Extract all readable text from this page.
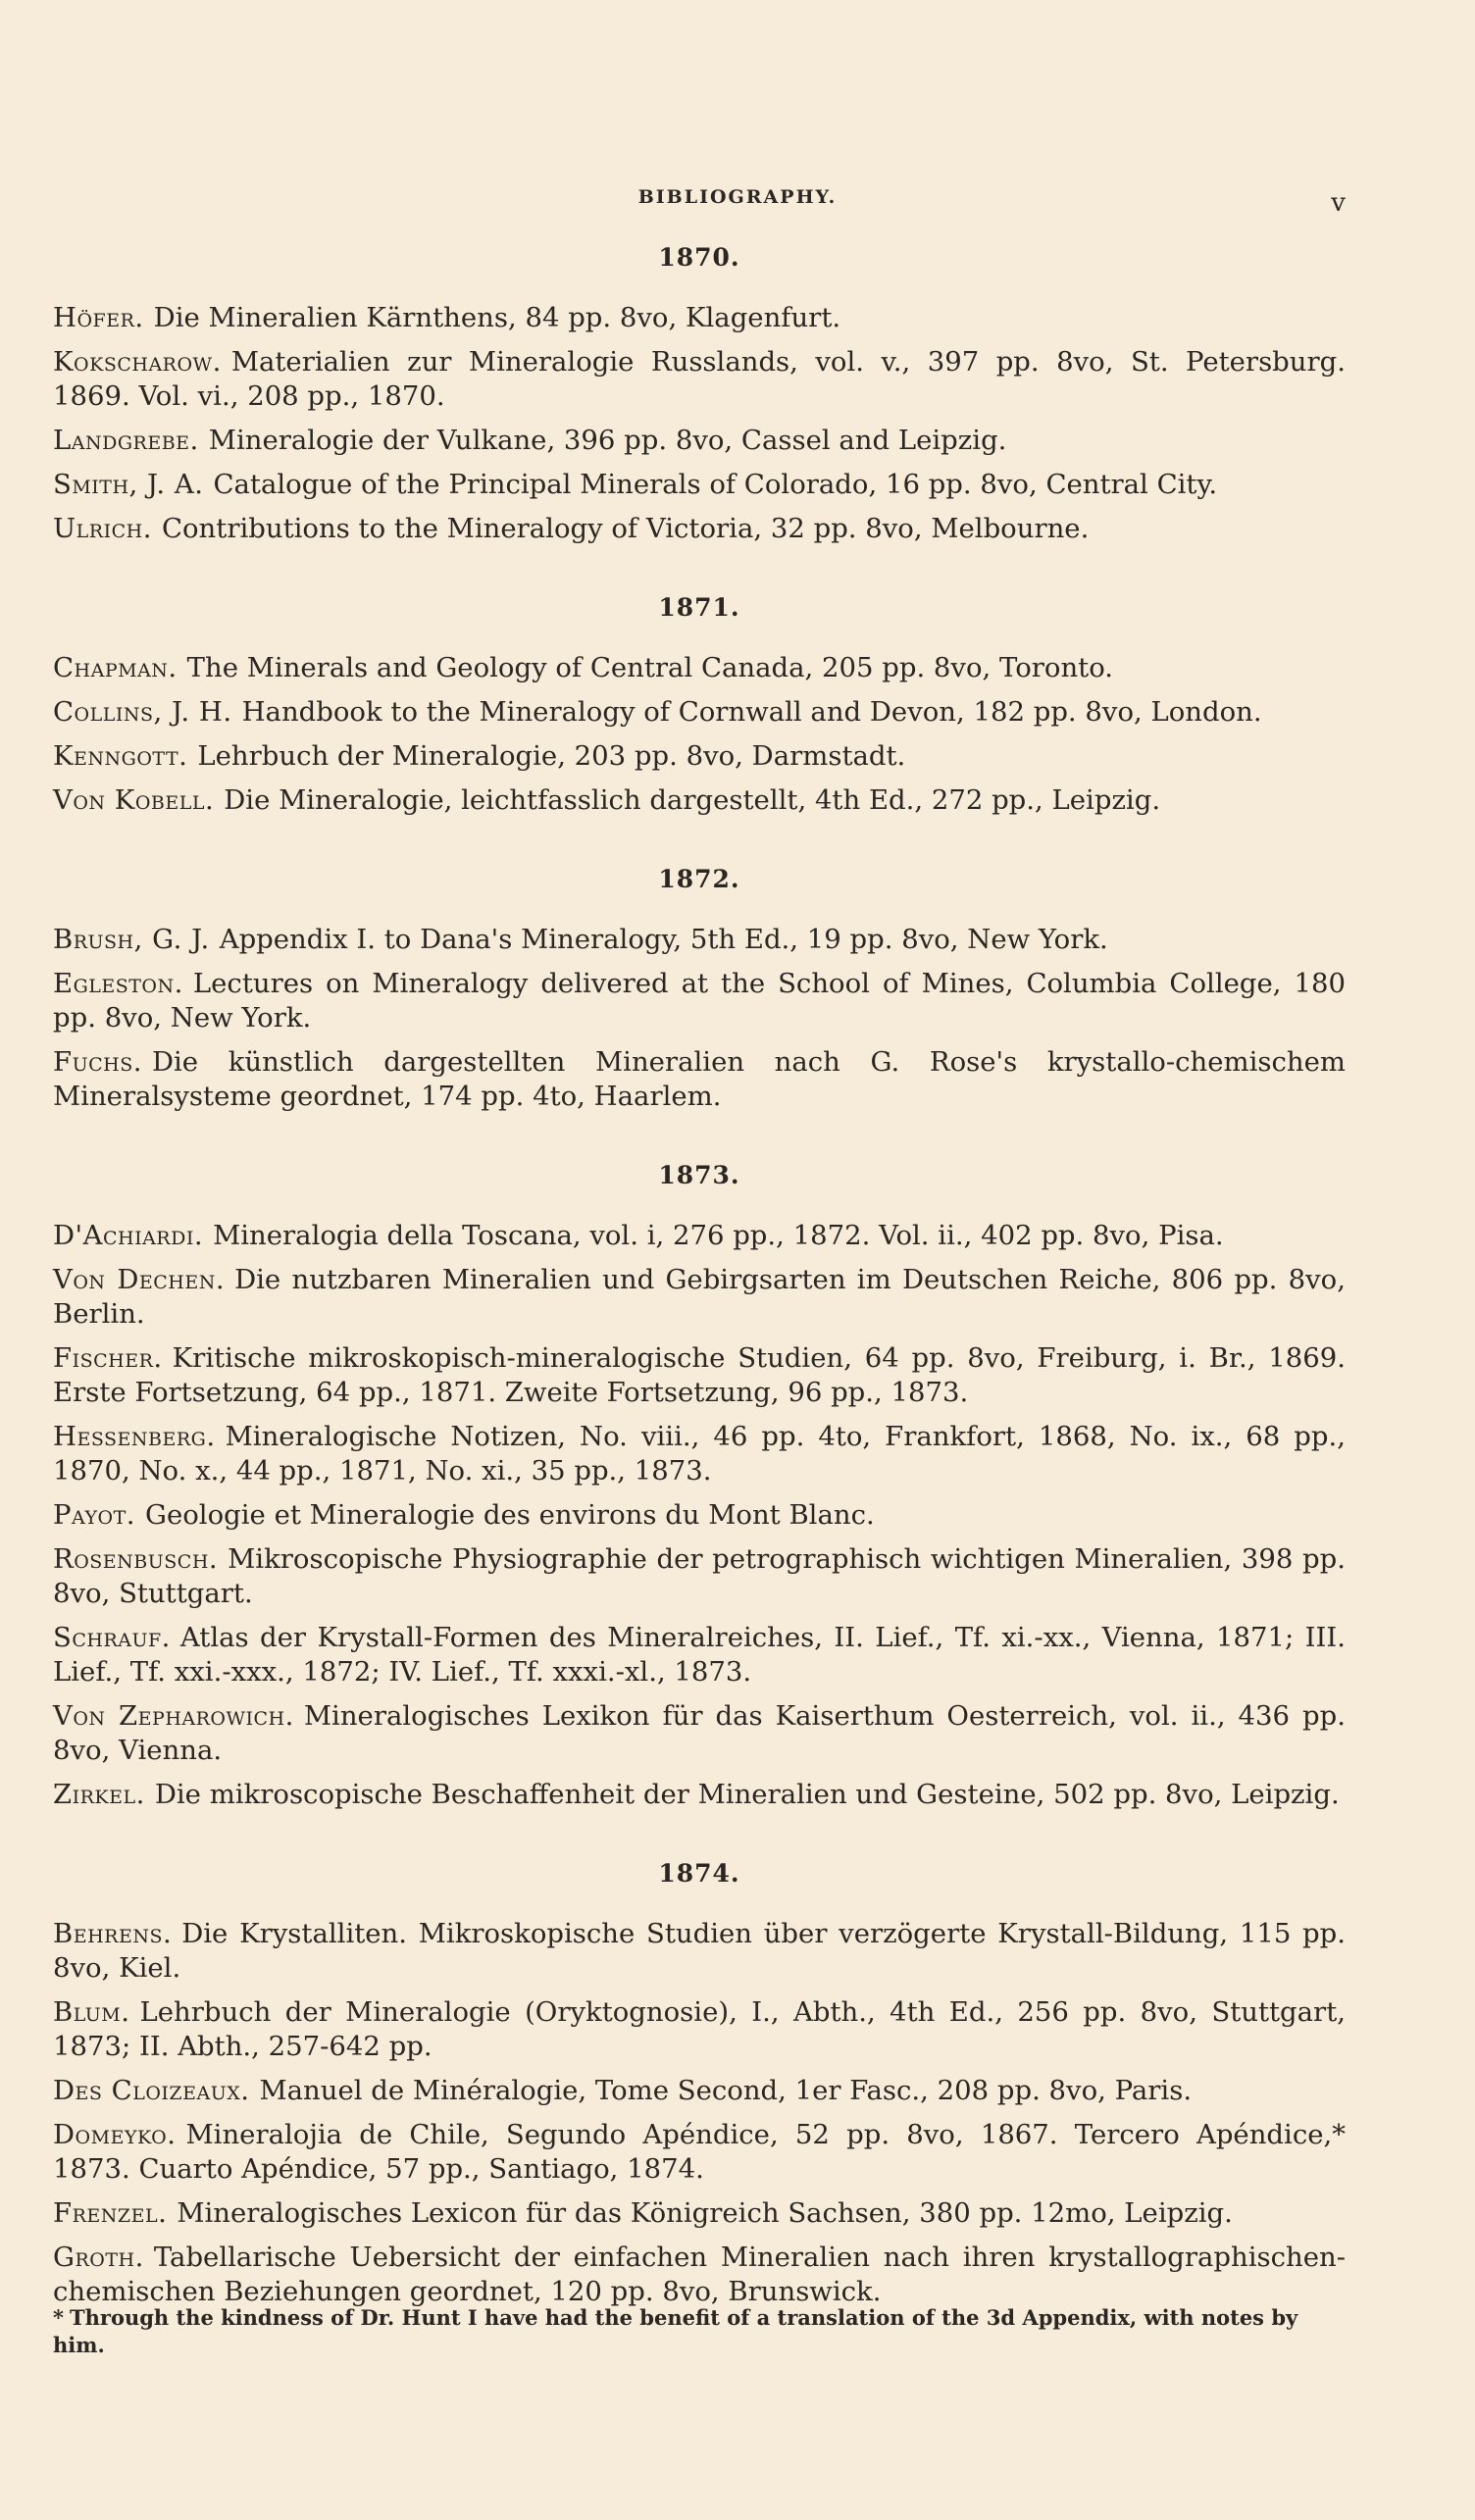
BIBLIOGRAPHY.	v
1870.

Höfer. Die Mineralien Kärnthens, 84 pp. 8vo, Klagenfurt.

Kokscharow. Materialien zur Mineralogie Russlands, vol. v., 397 pp. 8vo, St. Petersburg. 1869. Vol. vi., 208 pp., 1870.

Landgrebe. Mineralogie der Vulkane, 396 pp. 8vo, Cassel and Leipzig.

Smith, J. A. Catalogue of the Principal Minerals of Colorado, 16 pp. 8vo, Central City.

Ulrich. Contributions to the Mineralogy of Victoria, 32 pp. 8vo, Melbourne.

1871.

Chapman. The Minerals and Geology of Central Canada, 205 pp. 8vo, Toronto.

Collins, J. H. Handbook to the Mineralogy of Cornwall and Devon, 182 pp. 8vo, London.

Kenngott. Lehrbuch der Mineralogie, 203 pp. 8vo, Darmstadt.

Von Kobell. Die Mineralogie, leichtfasslich dargestellt, 4th Ed., 272 pp., Leipzig.

1872.

Brush, G. J. Appendix I. to Dana's Mineralogy, 5th Ed., 19 pp. 8vo, New York.

Egleston. Lectures on Mineralogy delivered at the School of Mines, Columbia College, 180 pp. 8vo, New York.

Fuchs. Die künstlich dargestellten Mineralien nach G. Rose's krystallo-chemischem Mineralsysteme geordnet, 174 pp. 4to, Haarlem.

1873.

D'Achiardi. Mineralogia della Toscana, vol. i, 276 pp., 1872. Vol. ii., 402 pp. 8vo, Pisa.

Von Dechen. Die nutzbaren Mineralien und Gebirgsarten im Deutschen Reiche, 806 pp. 8vo, Berlin.

Fischer. Kritische mikroskopisch-mineralogische Studien, 64 pp. 8vo, Freiburg, i. Br., 1869. Erste Fortsetzung, 64 pp., 1871. Zweite Fortsetzung, 96 pp., 1873.

Hessenberg. Mineralogische Notizen, No. viii., 46 pp. 4to, Frankfort, 1868, No. ix., 68 pp., 1870, No. x., 44 pp., 1871, No. xi., 35 pp., 1873.

Payot. Geologie et Mineralogie des environs du Mont Blanc.

Rosenbusch. Mikroscopische Physiographie der petrographisch wichtigen Mineralien, 398 pp. 8vo, Stuttgart.

Schrauf. Atlas der Krystall-Formen des Mineralreiches, II. Lief., Tf. xi.-xx., Vienna, 1871; III. Lief., Tf. xxi.-xxx., 1872; IV. Lief., Tf. xxxi.-xl., 1873.

Von Zepharowich. Mineralogisches Lexikon für das Kaiserthum Oesterreich, vol. ii., 436 pp. 8vo, Vienna.

Zirkel. Die mikroscopische Beschaffenheit der Mineralien und Gesteine, 502 pp. 8vo, Leipzig.

1874.

Behrens. Die Krystalliten. Mikroskopische Studien über verzögerte Krystall-Bildung, 115 pp. 8vo, Kiel.

Blum. Lehrbuch der Mineralogie (Oryktognosie), I., Abth., 4th Ed., 256 pp. 8vo, Stuttgart, 1873; II. Abth., 257-642 pp.

Des Cloizeaux. Manuel de Minéralogie, Tome Second, 1er Fasc., 208 pp. 8vo, Paris.

Domeyko. Mineralojia de Chile, Segundo Apéndice, 52 pp. 8vo, 1867. Tercero Apéndice,* 1873. Cuarto Apéndice, 57 pp., Santiago, 1874.

Frenzel. Mineralogisches Lexicon für das Königreich Sachsen, 380 pp. 12mo, Leipzig.

Groth. Tabellarische Uebersicht der einfachen Mineralien nach ihren krystallographischen-chemischen Beziehungen geordnet, 120 pp. 8vo, Brunswick.

* Through the kindness of Dr. Hunt I have had the benefit of a translation of the 3d Appendix, with notes by him.
